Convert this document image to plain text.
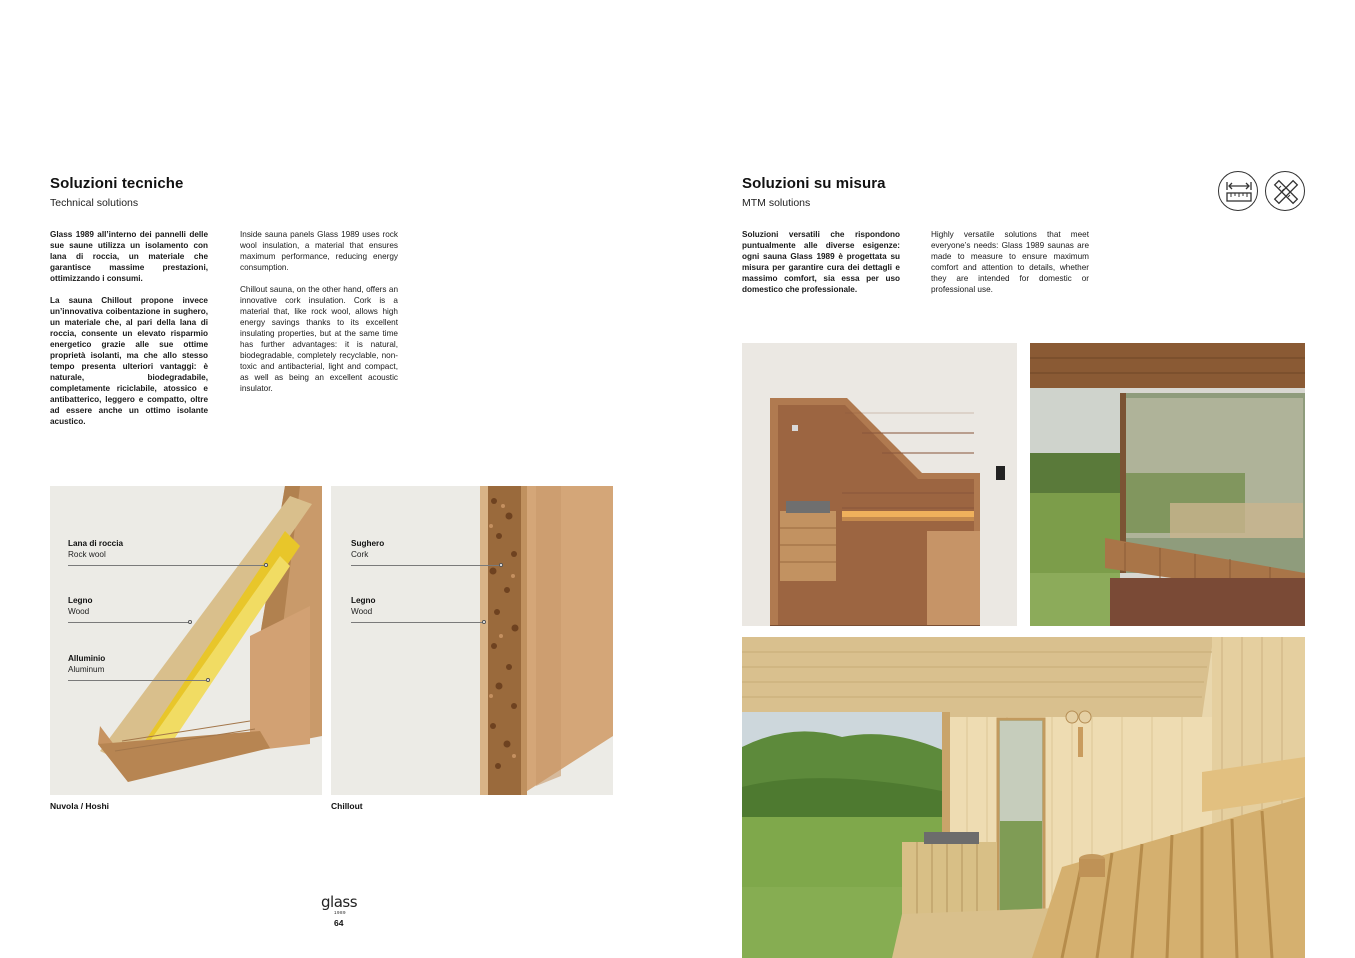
Soluzioni tecniche
Technical solutions

Glass 1989 all’interno dei pannelli delle sue saune utilizza un isolamento con lana di roccia, un materiale che garantisce massime prestazioni, ottimizzando i consumi.

La sauna Chillout propone invece un’innovativa coibentazione in sughero, un materiale che, al pari della lana di roccia, consente un elevato risparmio energetico grazie alle sue ottime proprietà isolanti, ma che allo stesso tempo presenta ulteriori vantaggi: è naturale, biodegradabile, completamente riciclabile, atossico e antibatterico, leggero e compatto, oltre ad essere anche un ottimo isolante acustico.

Inside sauna panels Glass 1989 uses rock wool insulation, a material that ensures maximum performance, reducing energy consumption.

Chillout sauna, on the other hand, offers an innovative cork insulation. Cork is a material that, like rock wool, allows high energy savings thanks to its excellent insulating properties, but at the same time has further advantages: it is natural, biodegradable, completely recyclable, non-toxic and antibacterial, light and compact, as well as being an excellent acoustic insulator.

Lana di roccia
Rock wool
Legno
Wood
Alluminio
Aluminum
Nuvola / Hoshi
Sughero
Cork
Legno
Wood
Chillout
glass
1989
64
Soluzioni su misura
MTM solutions

Soluzioni versatili che rispondono puntualmente alle diverse esigenze: ogni sauna Glass 1989 è progettata su misura per garantire cura dei dettagli e massimo comfort, sia essa per uso domestico che professionale.

Highly versatile solutions that meet everyone’s needs: Glass 1989 saunas are made to measure to ensure maximum comfort and attention to details, whether they are intended for domestic or professional use.
